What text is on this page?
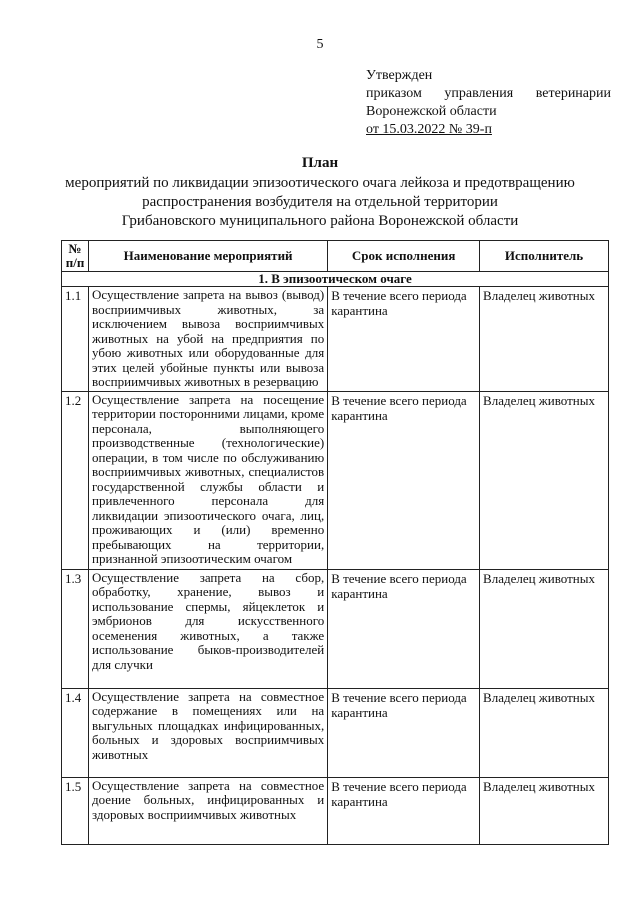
5
Утвержден
приказом управления ветеринарии
Воронежской области
от 15.03.2022 № 39-п
План
мероприятий по ликвидации эпизоотического очага лейкоза и предотвращению
распространения возбудителя на отдельной территории
Грибановского муниципального района Воронежской области
№ п/п	Наименование мероприятий	Срок исполнения	Исполнитель
1. В эпизоотическом очаге			
1.1	Осуществление запрета на вывоз (вывод) восприимчивых животных, за исключением вывоза восприимчивых животных на убой на предприятия по убою животных или оборудованные для этих целей убойные пункты или вывоза восприимчивых животных в резервацию	В течение всего периода карантина	Владелец животных
1.2	Осуществление запрета на посещение территории посторонними лицами, кроме персонала, выполняющего производственные (технологические) операции, в том числе по обслуживанию восприимчивых животных, специалистов государственной службы области и привлеченного персонала для ликвидации эпизоотического очага, лиц, проживающих и (или) временно пребывающих на территории, признанной эпизоотическим очагом	В течение всего периода карантина	Владелец животных
1.3	Осуществление запрета на сбор, обработку, хранение, вывоз и использование спермы, яйцеклеток и эмбрионов для искусственного осеменения животных, а также использование быков-производителей для случки	В течение всего периода карантина	Владелец животных
1.4	Осуществление запрета на совместное содержание в помещениях или на выгульных площадках инфицированных, больных и здоровых восприимчивых животных	В течение всего периода карантина	Владелец животных
1.5	Осуществление запрета на совместное доение больных, инфицированных и здоровых восприимчивых животных	В течение всего периода карантина	Владелец животных
